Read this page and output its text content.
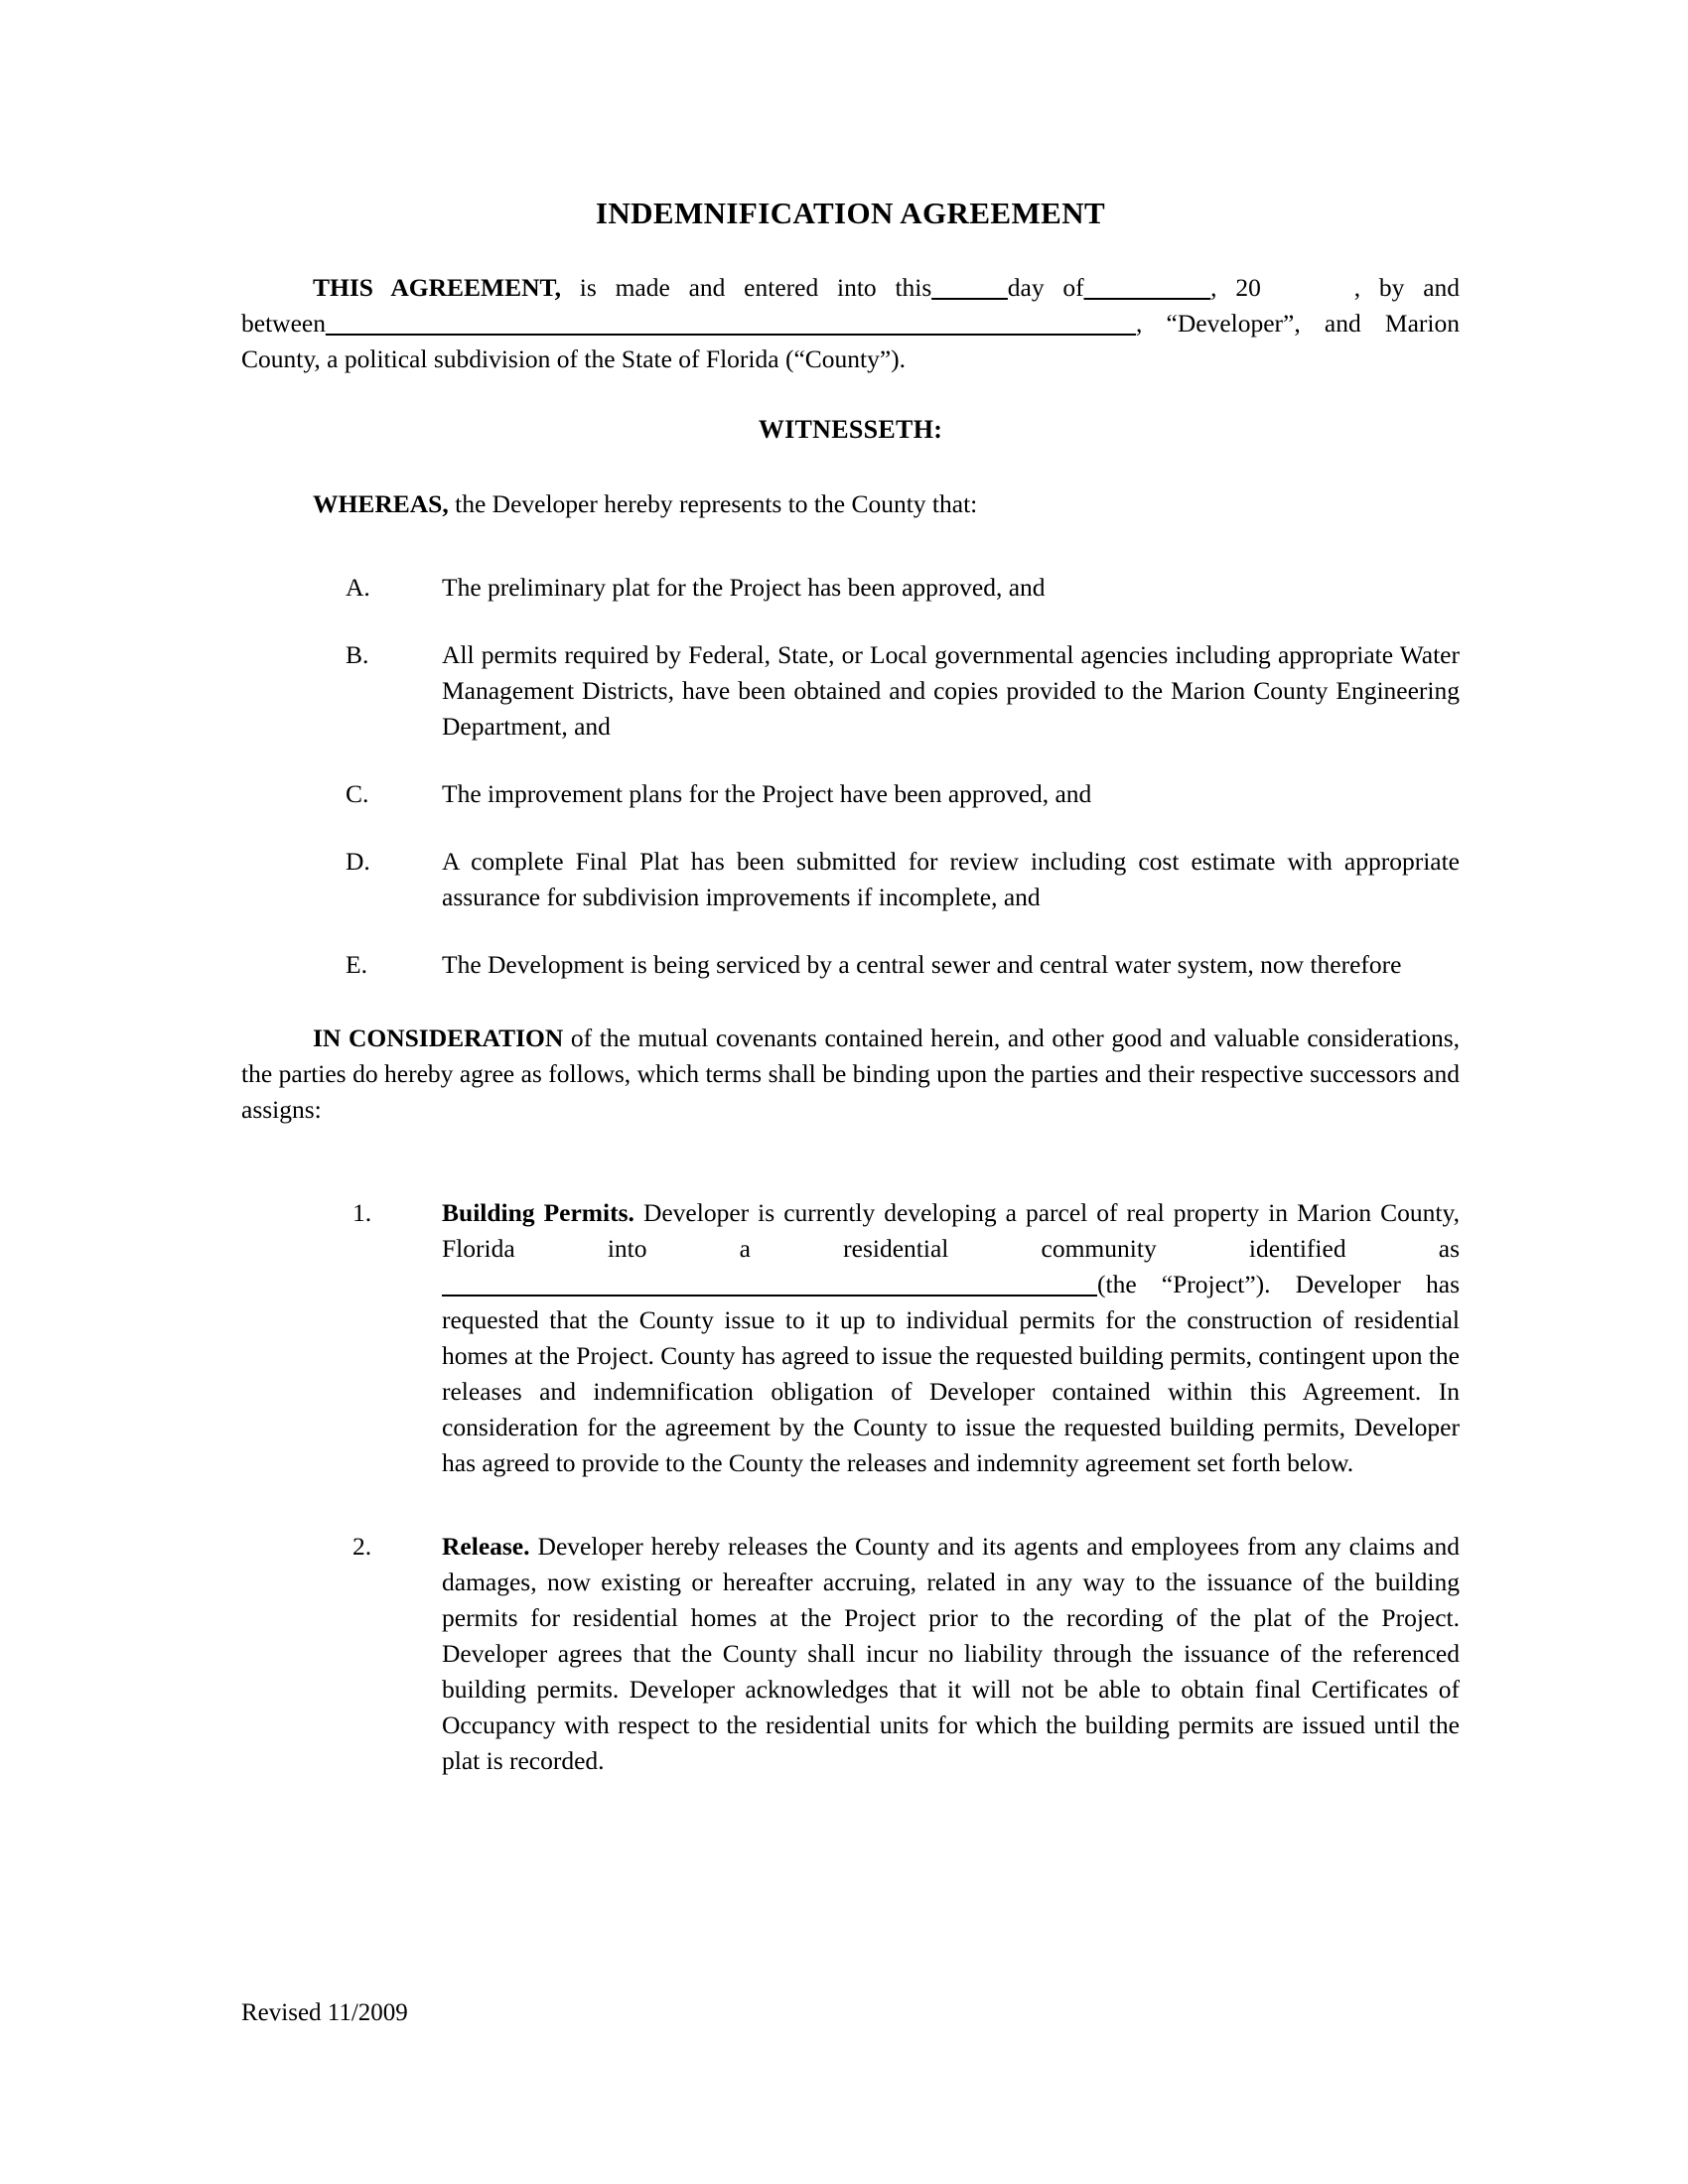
INDEMNIFICATION AGREEMENT

THIS AGREEMENT, is made and entered into this______day of__________, 20	, by and between________________________________________________________________, “Developer”, and Marion County, a political subdivision of the State of Florida (“County”).

WITNESSETH:

WHEREAS, the Developer hereby represents to the County that:

A.	The preliminary plat for the Project has been approved, and
B.	All permits required by Federal, State, or Local governmental agencies including appropriate Water Management Districts, have been obtained and copies provided to the Marion County Engineering Department, and
C.	The improvement plans for the Project have been approved, and
D.	A complete Final Plat has been submitted for review including cost estimate with appropriate assurance for subdivision improvements if incomplete, and
E.	The Development is being serviced by a central sewer and central water system, now therefore

IN CONSIDERATION of the mutual covenants contained herein, and other good and valuable considerations, the parties do hereby agree as follows, which terms shall be binding upon the parties and their respective successors and assigns:

1.	Building Permits. Developer is currently developing a parcel of real property in Marion County, Florida into a residential community identified as (the “Project”). Developer has requested that the County issue to it up to individual permits for the construction of residential homes at the Project. County has agreed to issue the requested building permits, contingent upon the releases and indemnification obligation of Developer contained within this Agreement. In consideration for the agreement by the County to issue the requested building permits, Developer has agreed to provide to the County the releases and indemnity agreement set forth below.
2.	Release. Developer hereby releases the County and its agents and employees from any claims and damages, now existing or hereafter accruing, related in any way to the issuance of the building permits for residential homes at the Project prior to the recording of the plat of the Project. Developer agrees that the County shall incur no liability through the issuance of the referenced building permits. Developer acknowledges that it will not be able to obtain final Certificates of Occupancy with respect to the residential units for which the building permits are issued until the plat is recorded.
Revised 11/2009
